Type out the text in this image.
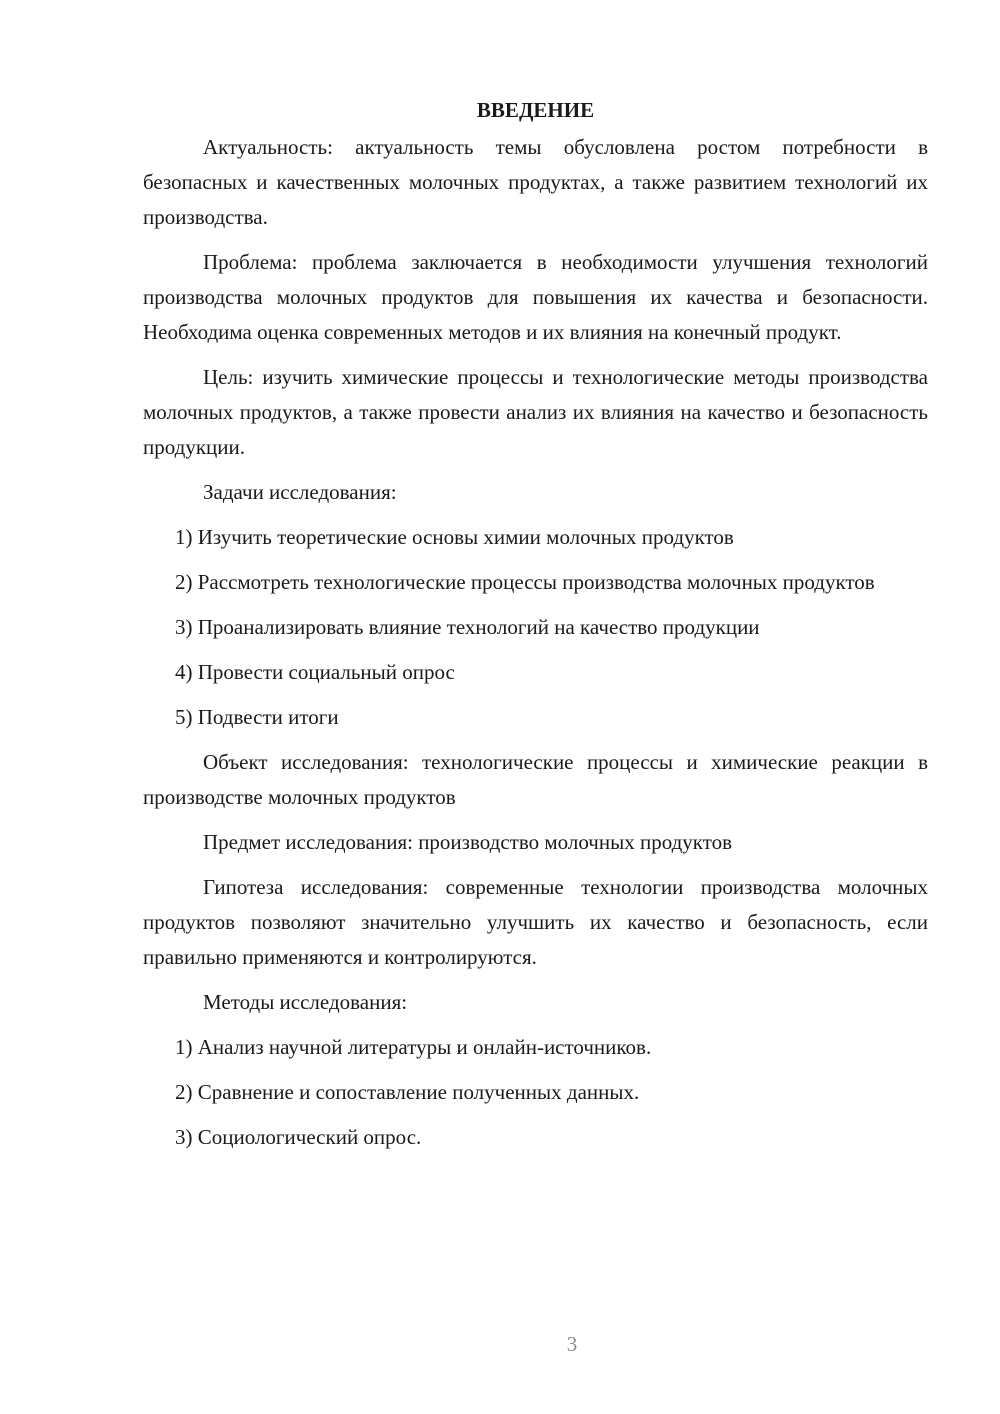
ВВЕДЕНИЕ

Актуальность: актуальность темы обусловлена ростом потребности в безопасных и качественных молочных продуктах, а также развитием технологий их производства.

Проблема: проблема заключается в необходимости улучшения технологий производства молочных продуктов для повышения их качества и безопасности. Необходима оценка современных методов и их влияния на конечный продукт.

Цель: изучить химические процессы и технологические методы производства молочных продуктов, а также провести анализ их влияния на качество и безопасность продукции.

Задачи исследования:

1) Изучить теоретические основы химии молочных продуктов

2) Рассмотреть технологические процессы производства молочных продуктов

3) Проанализировать влияние технологий на качество продукции

4) Провести социальный опрос

5) Подвести итоги

Объект исследования: технологические процессы и химические реакции в производстве молочных продуктов

Предмет исследования: производство молочных продуктов

Гипотеза исследования: современные технологии производства молочных продуктов позволяют значительно улучшить их качество и безопасность, если правильно применяются и контролируются.

Методы исследования:

1) Анализ научной литературы и онлайн-источников.

2) Сравнение и сопоставление полученных данных.

3) Социологический опрос.

3
